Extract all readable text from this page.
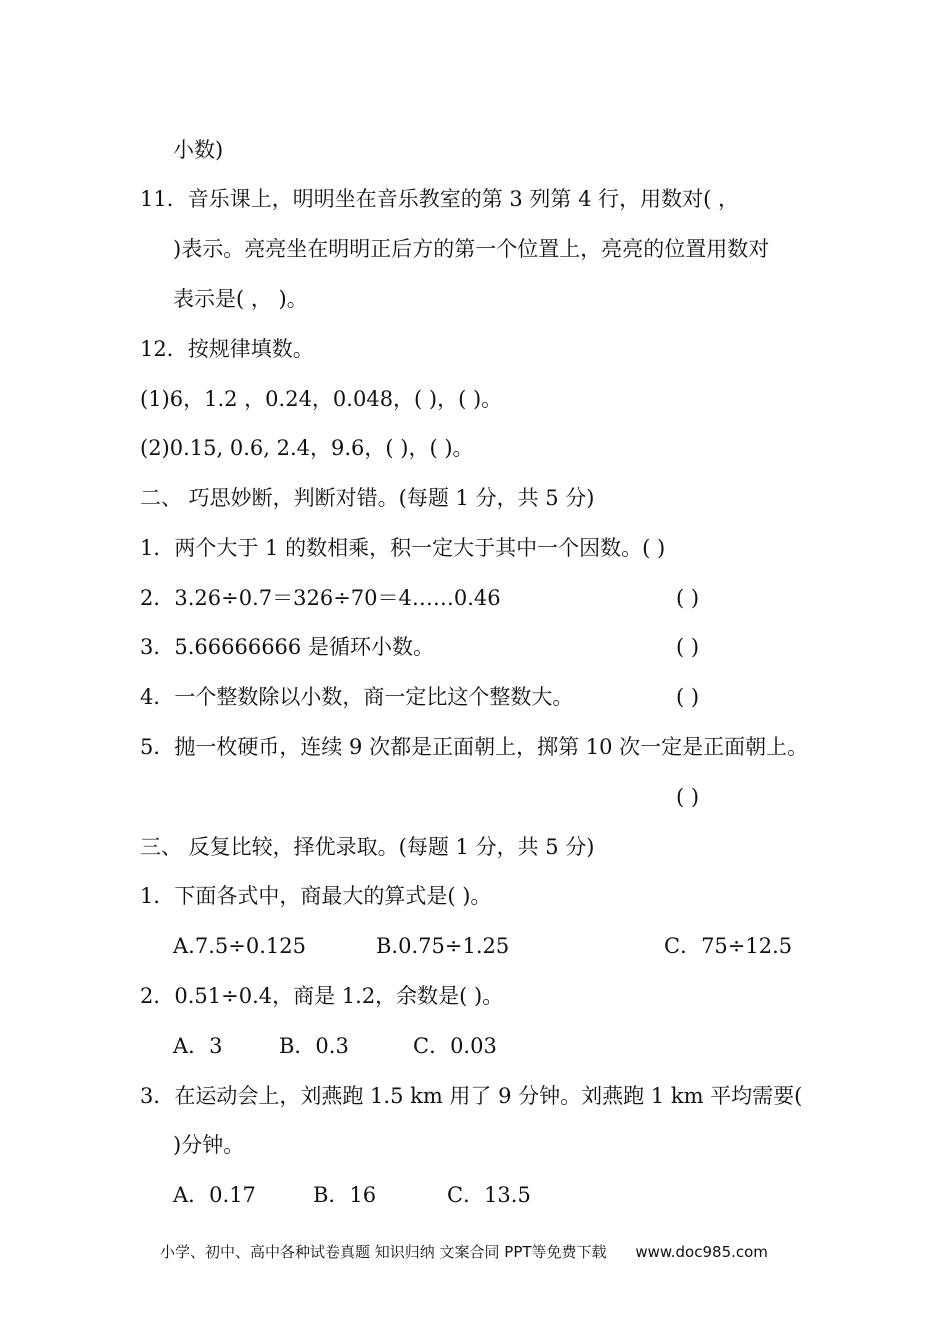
小数)
11．音乐课上，明明坐在音乐教室的第 3 列第 4 行，用数对( ，
)表示。亮亮坐在明明正后方的第一个位置上，亮亮的位置用数对
表示是( ， )。
12．按规律填数。
(1)6，1.2 ，0.24，0.048，( )，( )。
(2)0.15, 0.6, 2.4，9.6，( )，( )。
二、 巧思妙断，判断对错。(每题 1 分，共 5 分)
1．两个大于 1 的数相乘，积一定大于其中一个因数。( )
2．3.26÷0.7＝326÷70＝4……0.46	( )
3．5.66666666 是循环小数。	( )
4．一个整数除以小数，商一定比这个整数大。	( )
5．抛一枚硬币，连续 9 次都是正面朝上，掷第 10 次一定是正面朝上。
( )
三、 反复比较，择优录取。(每题 1 分，共 5 分)
1．下面各式中，商最大的算式是( )。
A.7.5÷0.125	B.0.75÷1.25	C．75÷12.5
2．0.51÷0.4，商是 1.2，余数是( )。
A．3	B．0.3	C．0.03
3．在运动会上，刘燕跑 1.5 km 用了 9 分钟。刘燕跑 1 km 平均需要(
)分钟。
A．0.17	B．16	C．13.5
小学、初中、高中各种试卷真题 知识归纳 文案合同 PPT等免费下载 www.doc985.com
